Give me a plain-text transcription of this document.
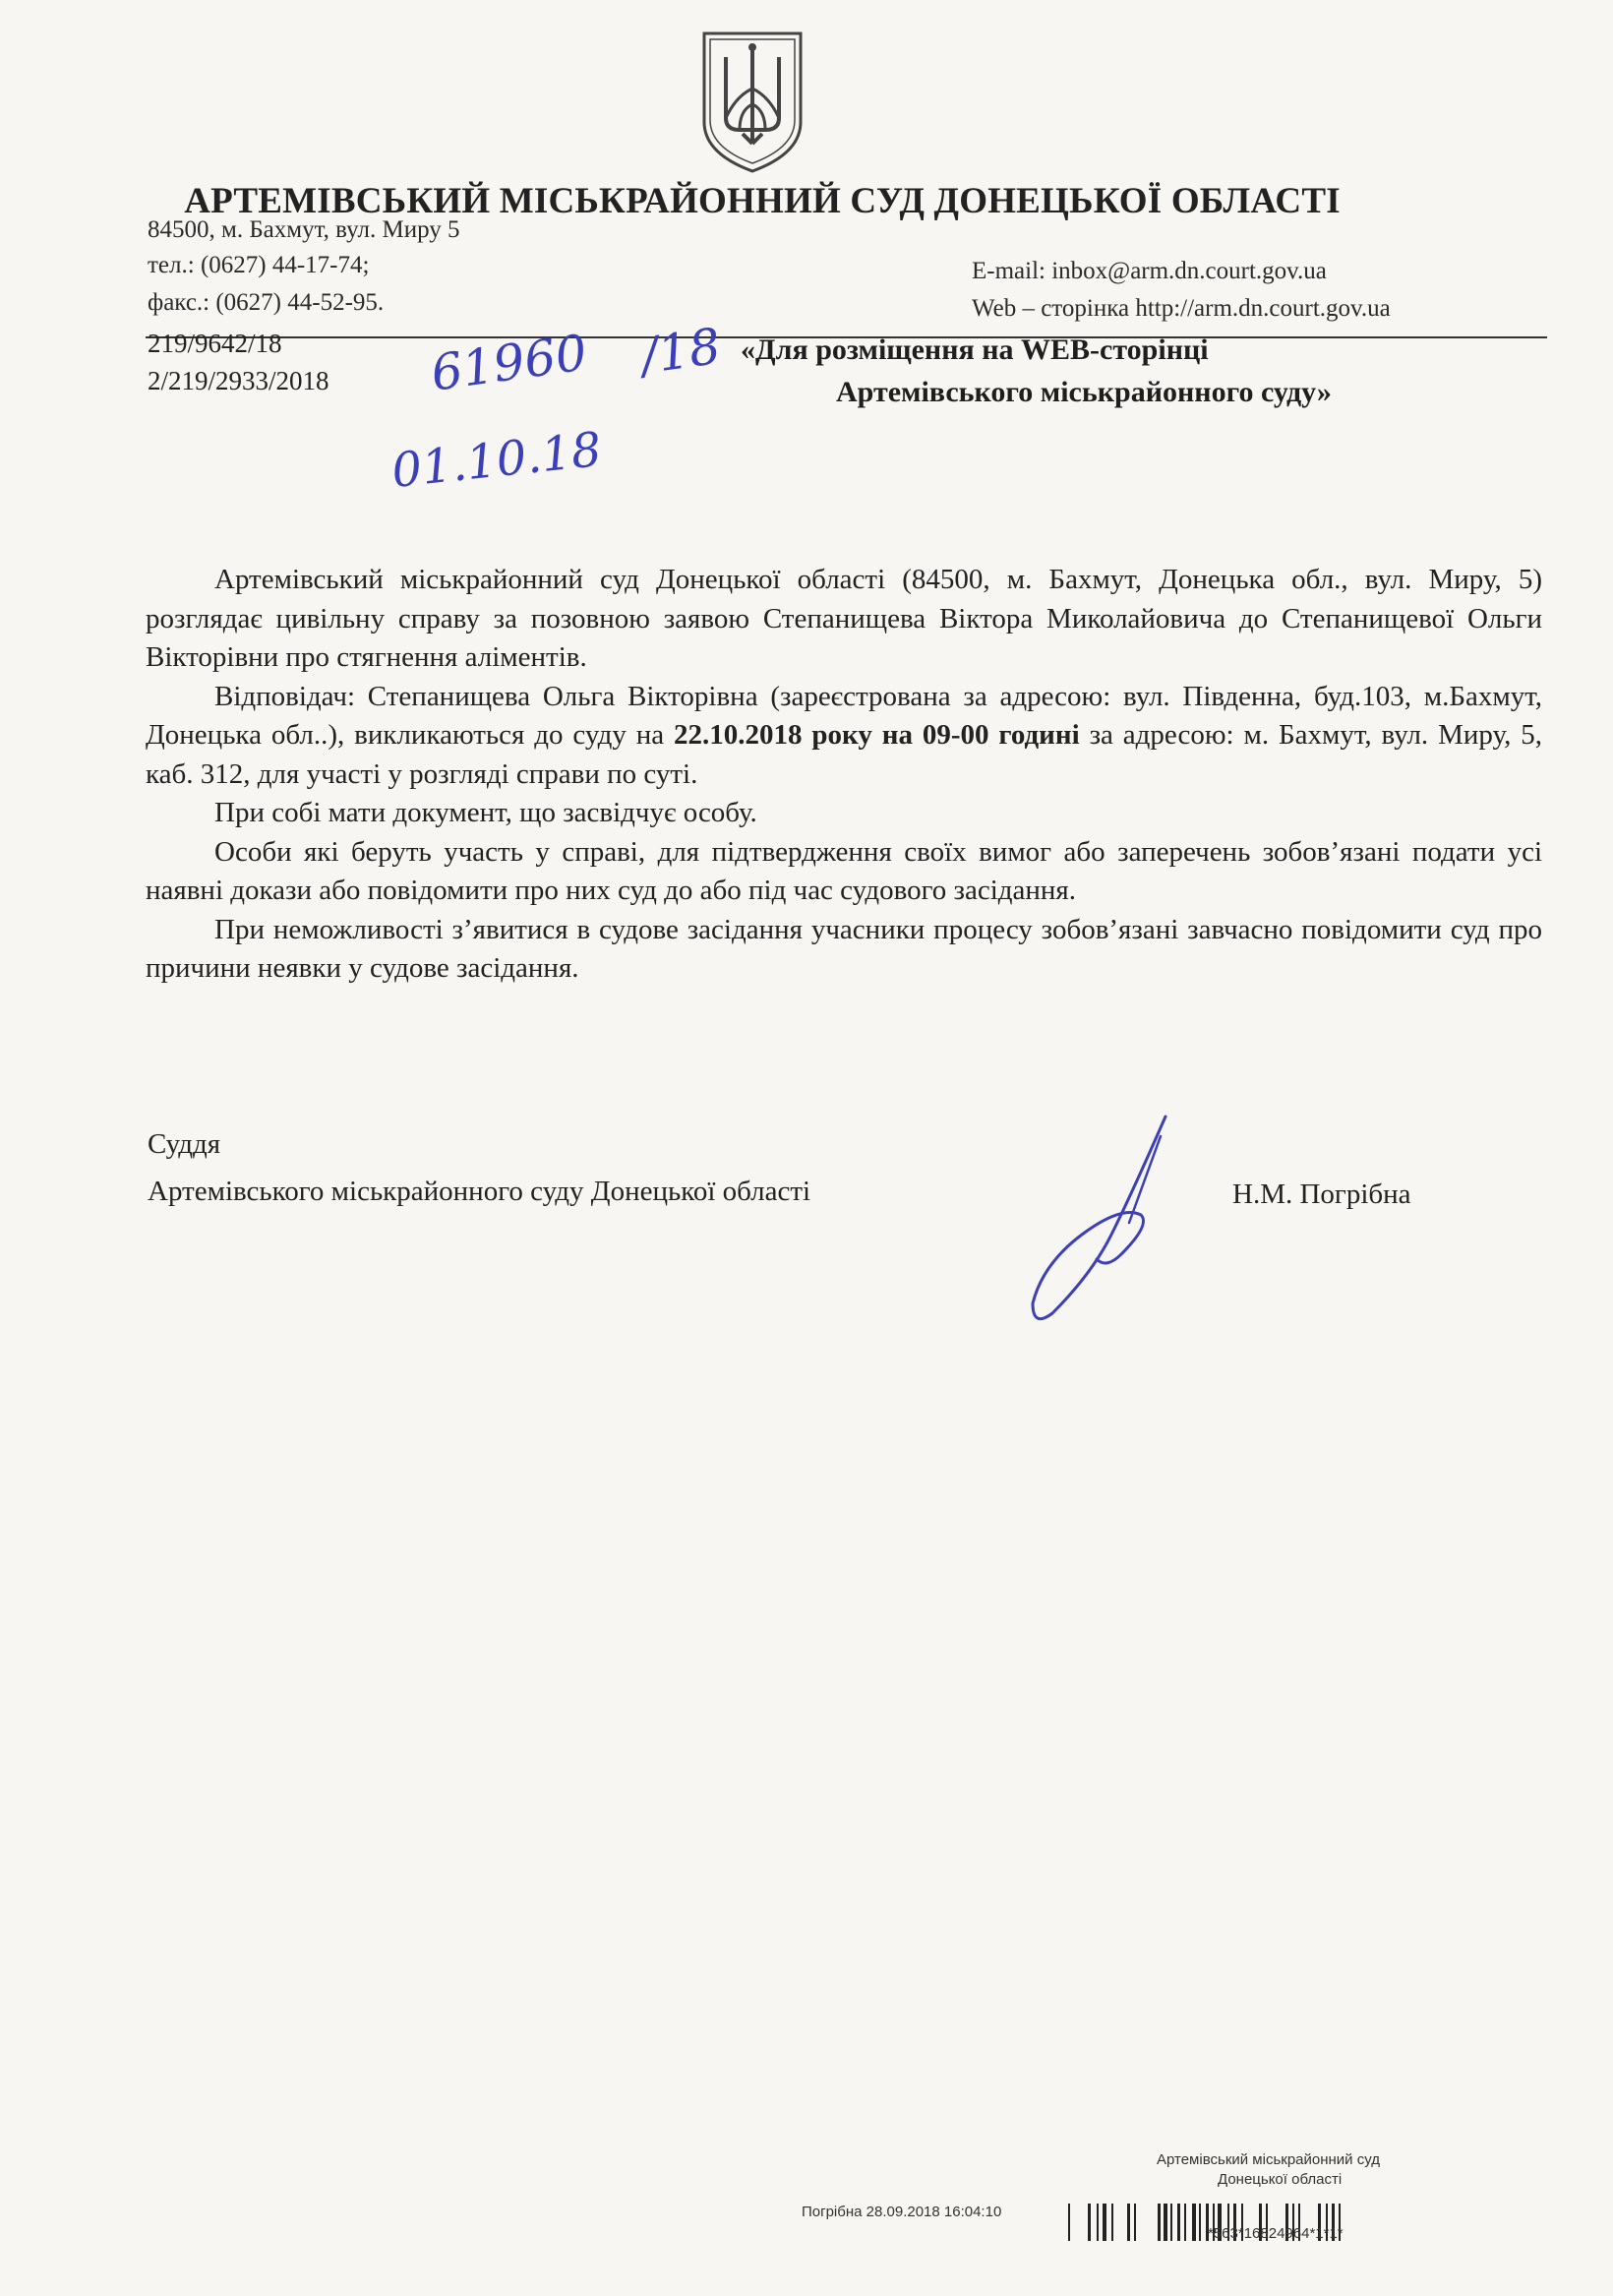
АРТЕМІВСЬКИЙ МІСЬКРАЙОННИЙ СУД ДОНЕЦЬКОЇ ОБЛАСТІ
84500, м. Бахмут, вул. Миру 5
тел.: (0627) 44-17-74;
факс.: (0627) 44-52-95.
E-mail: inbox@arm.dn.court.gov.ua
Web – сторінка http://arm.dn.court.gov.ua
219/9642/18
2/219/2933/2018
«Для розміщення на WEB-сторінці
Артемівського міськрайонного суду»
61960 /18
01.10.18

Артемівський міськрайонний суд Донецької області (84500, м. Бахмут, Донецька обл., вул. Миру, 5) розглядає цивільну справу за позовною заявою Степанищева Віктора Миколайовича до Степанищевої Ольги Вікторівни про стягнення аліментів.

Відповідач: Степанищева Ольга Вікторівна (зареєстрована за адресою: вул. Південна, буд.103, м.Бахмут, Донецька обл..), викликаються до суду на 22.10.2018 року на 09-00 годині за адресою: м. Бахмут, вул. Миру, 5, каб. 312, для участі у розгляді справи по суті.

При собі мати документ, що засвідчує особу.

Особи які беруть участь у справі, для підтвердження своїх вимог або заперечень зобов’язані подати усі наявні докази або повідомити про них суд до або під час судового засідання.

При неможливості з’явитися в судове засідання учасники процесу зобов’язані завчасно повідомити суд про причини неявки у судове засідання.

Суддя
Артемівського міськрайонного суду Донецької області	Н.М. Погрібна
Артемівський міськрайонний суд
Донецької області
Погрібна 28.09.2018 16:04:10
*563*16824964*1*1*
